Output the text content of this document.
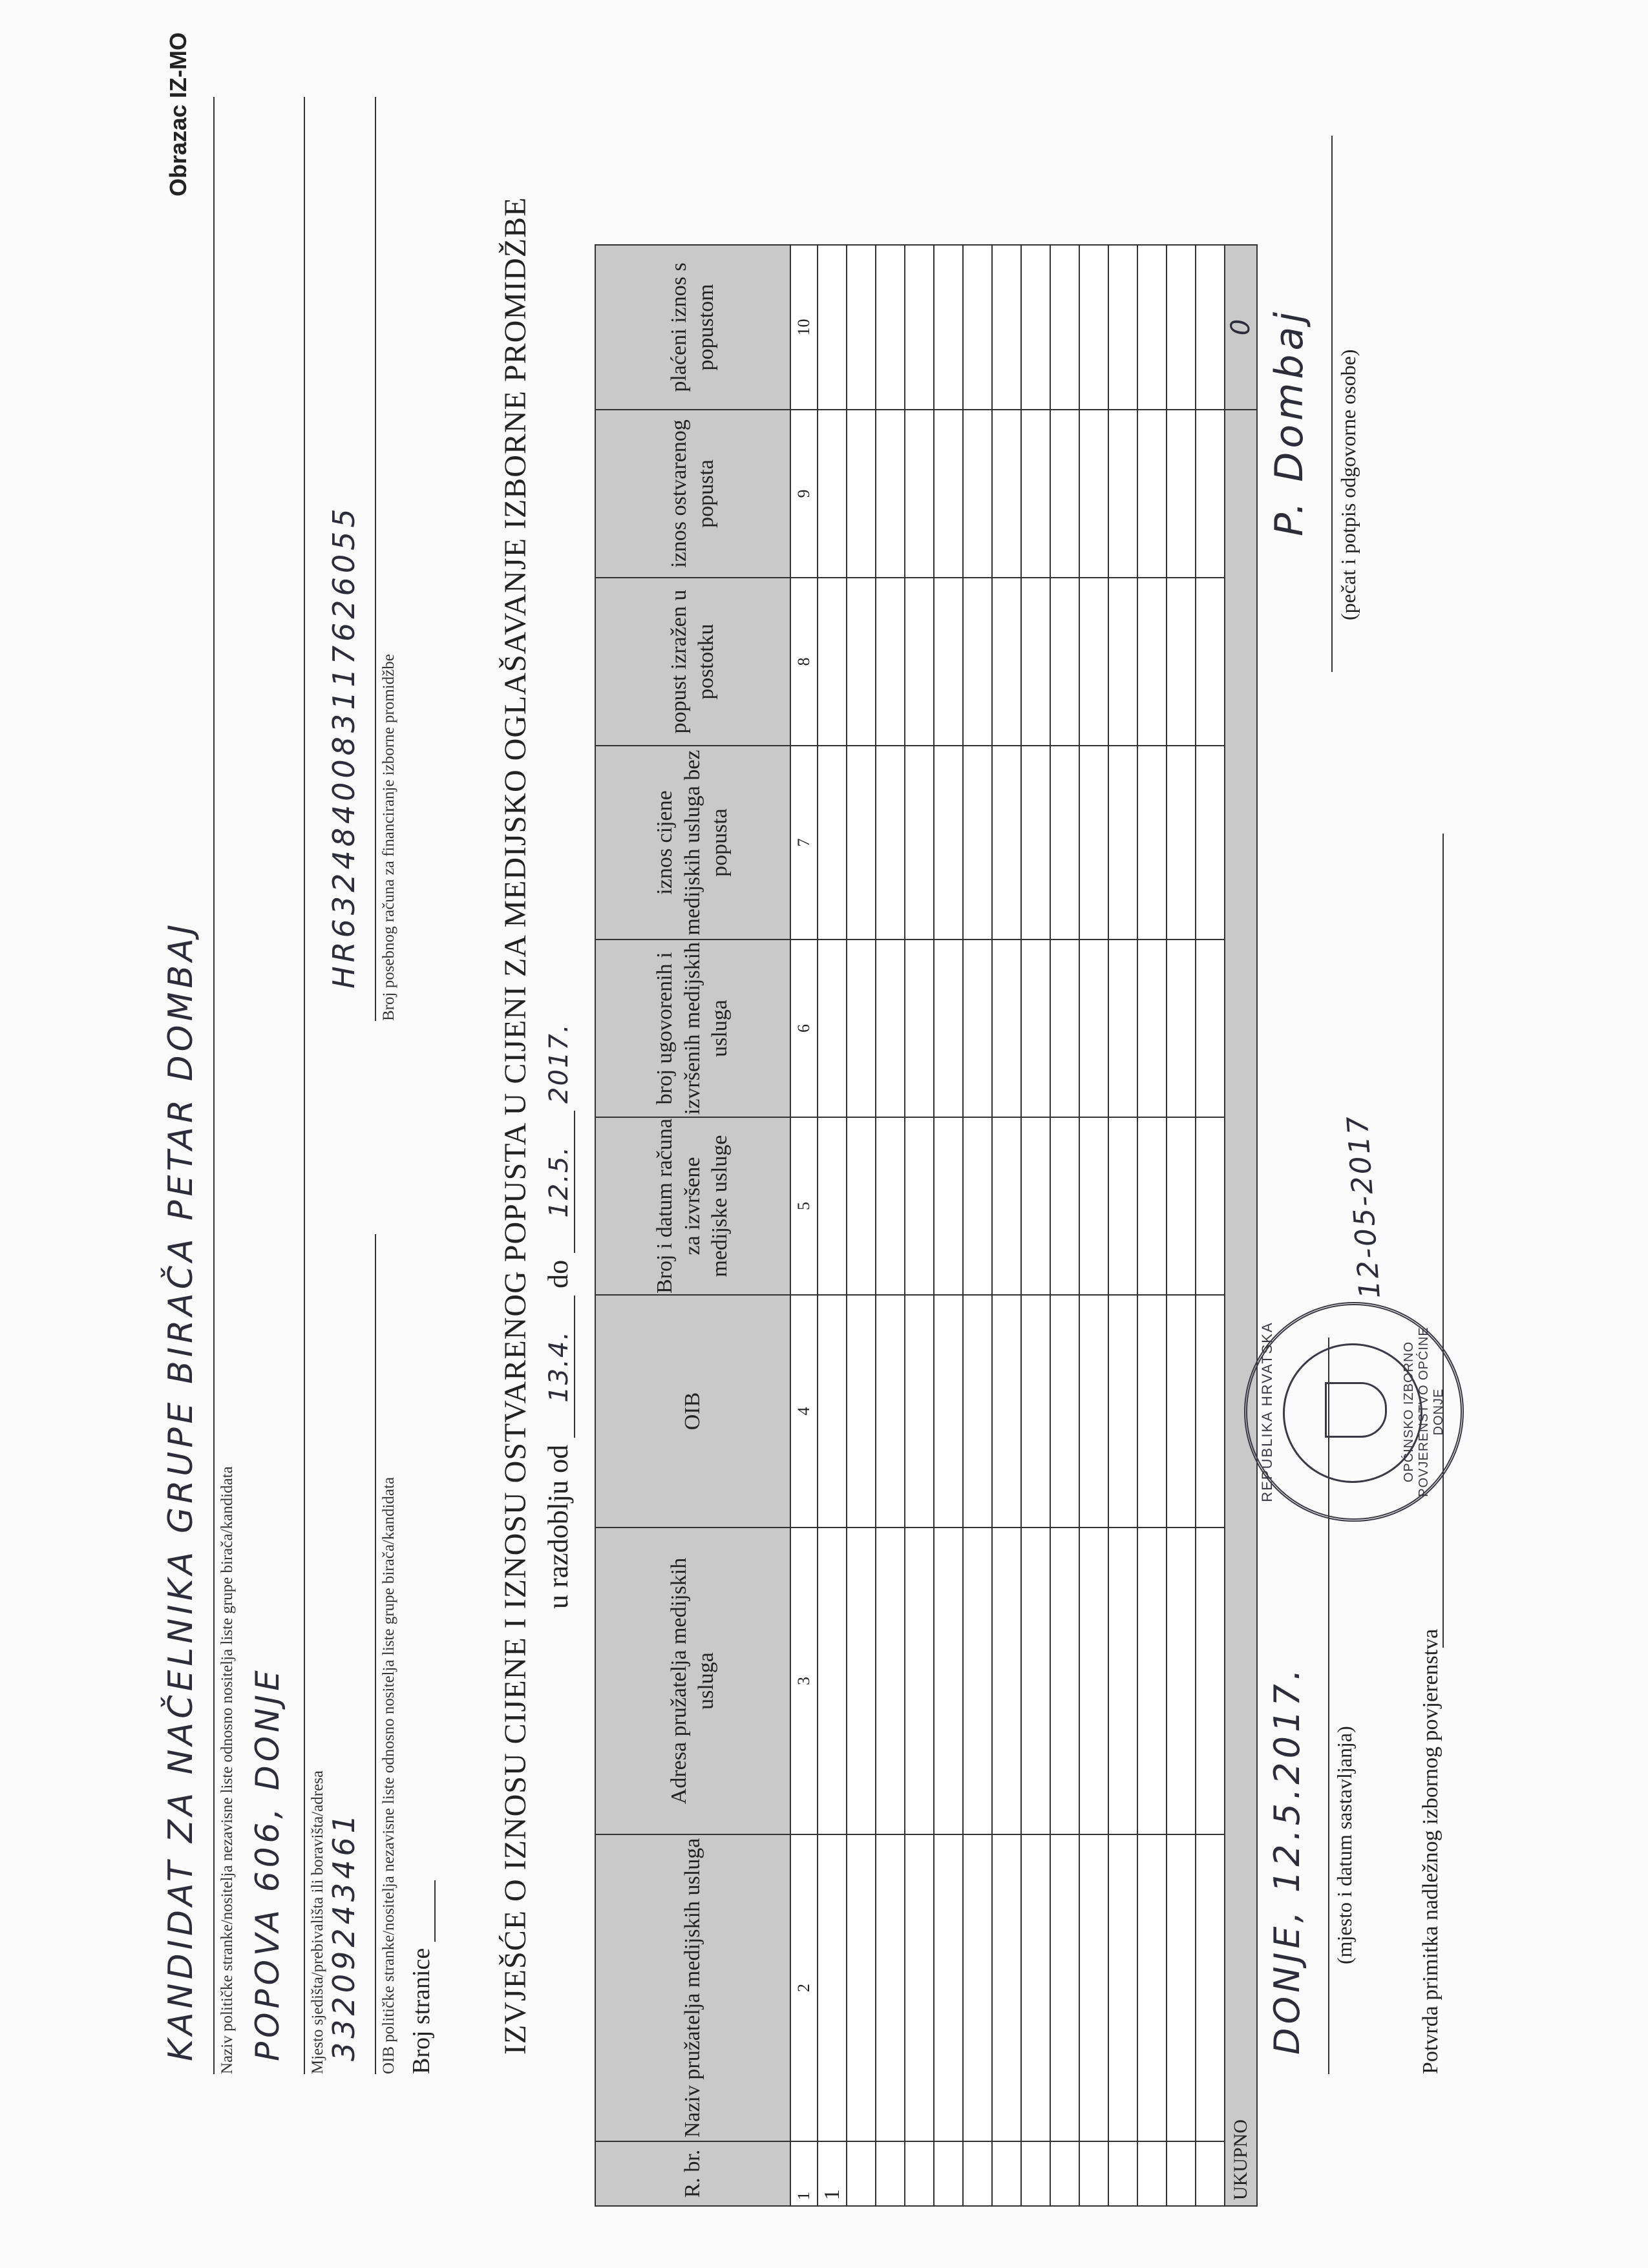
Obrazac IZ-MO
KANDIDAT ZA NAČELNIKA GRUPE BIRAČA PETAR DOMBAJ Naziv političke stranke/nositelja nezavisne liste odnosno nositelja liste grupe birača/kandidata POPOVA 606, DONJE Mjesto sjedišta/prebivališta ili boravišta/adresa 33209243461 OIB političke stranke/nositelja nezavisne liste odnosno nositelja liste grupe birača/kandidata
HR6324840083117626055 Broj posebnog računa za financiranje izborne promidžbe
Broj stranice IZVJEŠĆE O IZNOSU CIJENE I IZNOSU OSTVARENOG POPUSTA U CIJENI ZA MEDIJSKO OGLAŠAVANJE IZBORNE PROMIDŽBE u razdoblju od 13.4. do 12.5. 2017.
R. br.	Naziv pružatelja medijskih usluga	Adresa pružatelja medijskih usluga	OIB	Broj i datum računa za izvršene medijske usluge	broj ugovorenih i izvršenih medijskih usluga	iznos cijene medijskih usluga bez popusta	popust izražen u postotku	iznos ostvarenog popusta	plaćeni iznos s popustom
1	2	3	4	5	6	7	8	9	10
1									

UKUPNO									0
DONJE, 12.5.2017. (mjesto i datum sastavljanja)
P. Dombaj (pečat i potpis odgovorne osobe)
Potvrda primitka nadležnog izbornog povjerenstva
12-05-2017
REPUBLIKA HRVATSKA	OPĆINSKO IZBORNO POVJERENSTVO OPĆINE DONJE
